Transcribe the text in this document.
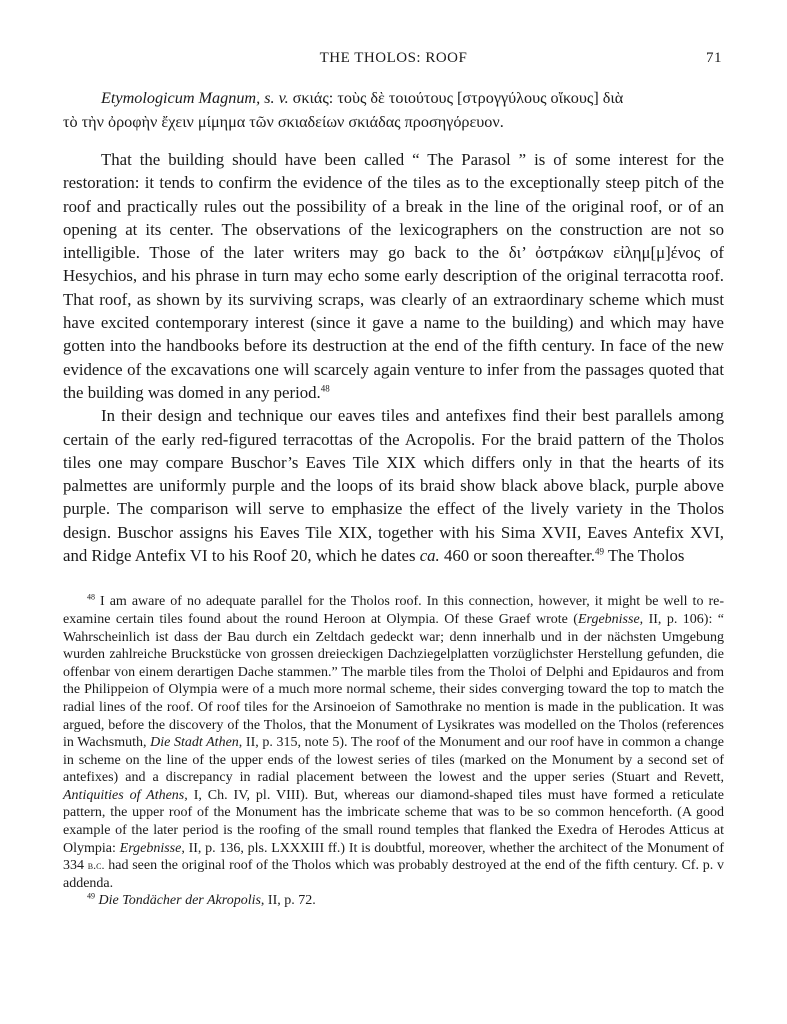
THE THOLOS: ROOF	71
Etymologicum Magnum, s. v. σκιάς: τοὺς δὲ τοιούτους [στρογγύλους οἴκους] διὰ
τὸ τὴν ὀροφὴν ἔχειν μίμημα τῶν σκιαδείων σκιάδας προσηγόρευον.

That the building should have been called “ The Parasol ” is of some interest for the restoration: it tends to confirm the evidence of the tiles as to the exceptionally steep pitch of the roof and practically rules out the possibility of a break in the line of the original roof, or of an opening at its center. The observations of the lexicographers on the construction are not so intelligible. Those of the later writers may go back to the δι’ ὀστράκων εἰλημ[μ]ένος of Hesychios, and his phrase in turn may echo some early description of the original terracotta roof. That roof, as shown by its surviving scraps, was clearly of an extraordinary scheme which must have excited contemporary interest (since it gave a name to the building) and which may have gotten into the handbooks before its destruction at the end of the fifth century. In face of the new evidence of the excavations one will scarcely again venture to infer from the passages quoted that the building was domed in any period.$^{48}$

In their design and technique our eaves tiles and antefixes find their best parallels among certain of the early red-figured terracottas of the Acropolis. For the braid pattern of the Tholos tiles one may compare Buschor’s Eaves Tile XIX which differs only in that the hearts of its palmettes are uniformly purple and the loops of its braid show black above black, purple above purple. The comparison will serve to emphasize the effect of the lively variety in the Tholos design. Buschor assigns his Eaves Tile XIX, together with his Sima XVII, Eaves Antefix XVI, and Ridge Antefix VI to his Roof 20, which he dates ca. 460 or soon thereafter.$^{49}$ The Tholos

$^{48}$ I am aware of no adequate parallel for the Tholos roof. In this connection, however, it might be well to re-examine certain tiles found about the round Heroon at Olympia. Of these Graef wrote (Ergebnisse, II, p. 106): “ Wahrscheinlich ist dass der Bau durch ein Zeltdach gedeckt war; denn innerhalb und in der nächsten Umgebung wurden zahlreiche Bruckstücke von grossen dreieckigen Dachziegelplatten vorzüglichster Herstellung gefunden, die offenbar von einem derartigen Dache stammen.” The marble tiles from the Tholoi of Delphi and Epidauros and from the Philippeion of Olympia were of a much more normal scheme, their sides converging toward the top to match the radial lines of the roof. Of roof tiles for the Arsinoeion of Samothrake no mention is made in the publication. It was argued, before the discovery of the Tholos, that the Monument of Lysikrates was modelled on the Tholos (references in Wachsmuth, Die Stadt Athen, II, p. 315, note 5). The roof of the Monument and our roof have in common a change in scheme on the line of the upper ends of the lowest series of tiles (marked on the Monument by a second set of antefixes) and a discrepancy in radial placement between the lowest and the upper series (Stuart and Revett, Antiquities of Athens, I, Ch. IV, pl. VIII). But, whereas our diamond-shaped tiles must have formed a reticulate pattern, the upper roof of the Monument has the imbricate scheme that was to be so common henceforth. (A good example of the later period is the roofing of the small round temples that flanked the Exedra of Herodes Atticus at Olympia: Ergebnisse, II, p. 136, pls. LXXXIII ff.) It is doubtful, moreover, whether the architect of the Monument of 334 b.c. had seen the original roof of the Tholos which was probably destroyed at the end of the fifth century. Cf. p. v addenda.

$^{49}$ Die Tondächer der Akropolis, II, p. 72.
